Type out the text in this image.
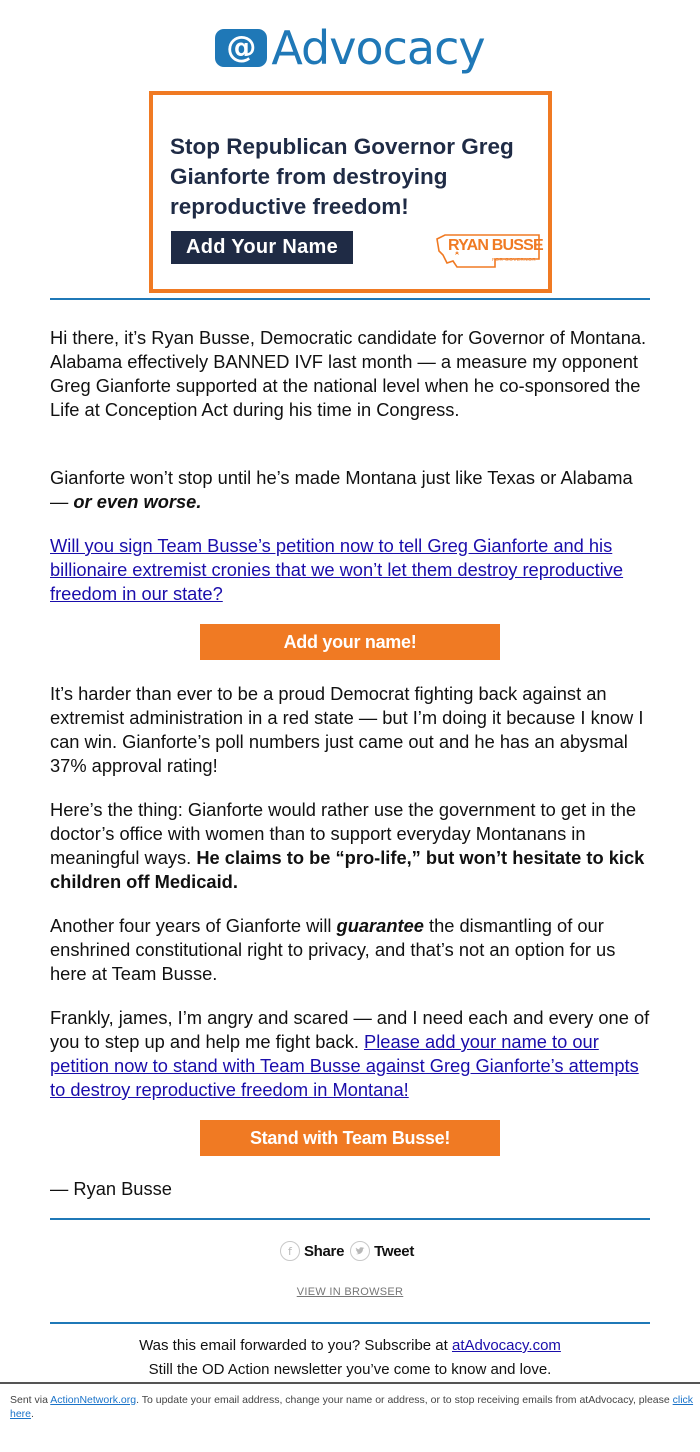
@ Advocacy
Stop Republican Governor Greg Gianforte from destroying reproductive freedom!
Add Your Name	RYAN BUSSE
FOR GOVERNOR
Hi there, it’s Ryan Busse, Democratic candidate for Governor of Montana. Alabama effectively BANNED IVF last month — a measure my opponent Greg Gianforte supported at the national level when he co-sponsored the Life at Conception Act during his time in Congress.
Gianforte won’t stop until he’s made Montana just like Texas or Alabama — or even worse.
Will you sign Team Busse’s petition now to tell Greg Gianforte and his billionaire extremist cronies that we won’t let them destroy reproductive freedom in our state?
Add your name!
It’s harder than ever to be a proud Democrat fighting back against an extremist administration in a red state — but I’m doing it because I know I can win. Gianforte’s poll numbers just came out and he has an abysmal 37% approval rating!
Here’s the thing: Gianforte would rather use the government to get in the doctor’s office with women than to support everyday Montanans in meaningful ways. He claims to be “pro-life,” but won’t hesitate to kick children off Medicaid.
Another four years of Gianforte will guarantee the dismantling of our enshrined constitutional right to privacy, and that’s not an option for us here at Team Busse.
Frankly, james, I’m angry and scared — and I need each and every one of you to step up and help me fight back. Please add your name to our petition now to stand with Team Busse against Greg Gianforte’s attempts to destroy reproductive freedom in Montana!
Stand with Team Busse!
— Ryan Busse
f Share Tweet
VIEW IN BROWSER
Was this email forwarded to you? Subscribe at atAdvocacy.com
Still the OD Action newsletter you’ve come to know and love.
Sent via ActionNetwork.org. To update your email address, change your name or address, or to stop receiving emails from atAdvocacy, please click here.
